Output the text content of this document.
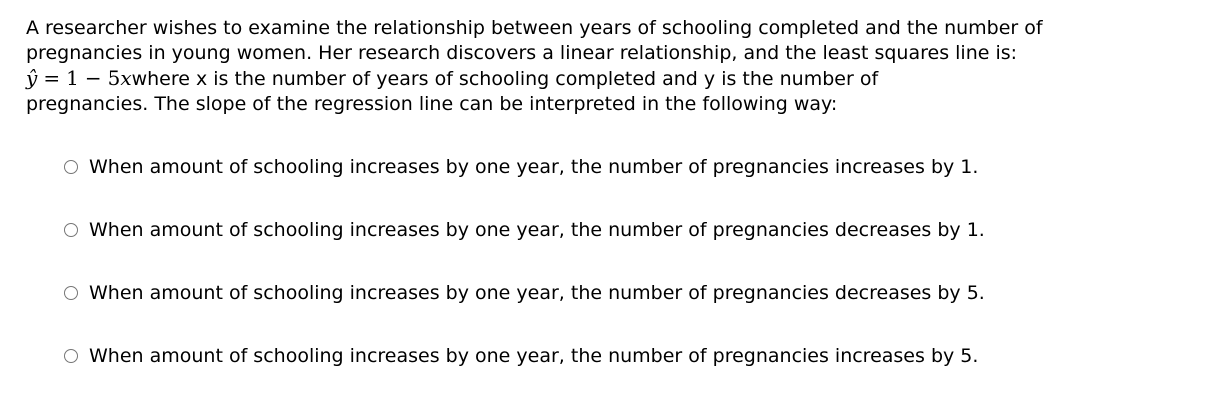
A researcher wishes to examine the relationship between years of schooling completed and the number of
pregnancies in young women. Her research discovers a linear relationship, and the least squares line is:
ŷ = 1 − 5xwhere x is the number of years of schooling completed and y is the number of
pregnancies. The slope of the regression line can be interpreted in the following way:
When amount of schooling increases by one year, the number of pregnancies increases by 1.
When amount of schooling increases by one year, the number of pregnancies decreases by 1.
When amount of schooling increases by one year, the number of pregnancies decreases by 5.
When amount of schooling increases by one year, the number of pregnancies increases by 5.
